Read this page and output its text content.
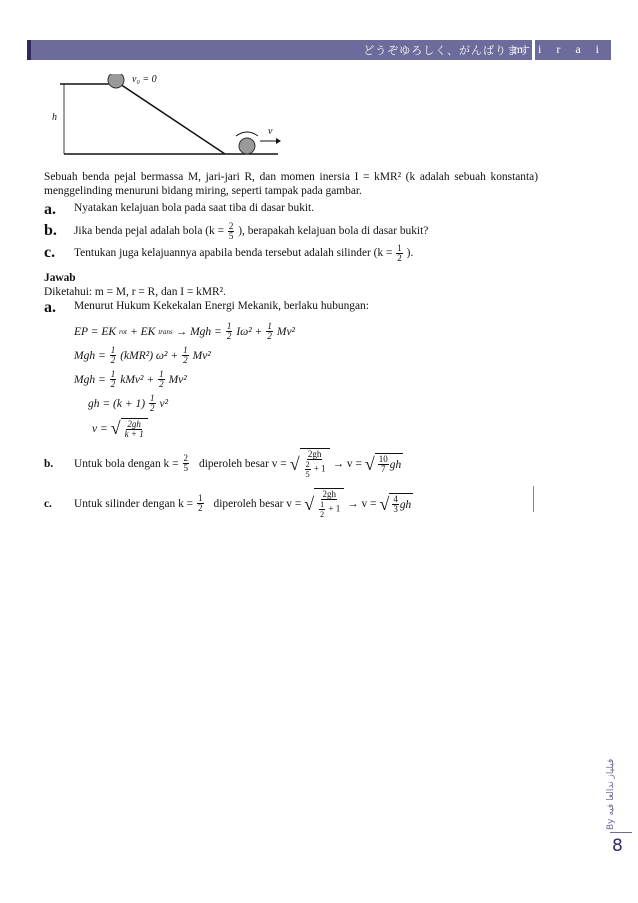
どうぞゆろしく、がんばります
m i r a i
v₀ = 0
h
v

Sebuah benda pejal bermassa M, jari-jari R, dan momen inersia I = kMR² (k adalah sebuah konstanta) menggelinding menuruni bidang miring, seperti tampak pada gambar.

a.	Nyatakan kelajuan bola pada saat tiba di dasar bukit.
b.	Jika benda pejal adalah bola ($k = \frac{2}{5}$ ), berapakah kelajuan bola di dasar bukit?
c.	Tentukan juga kelajuannya apabila benda tersebut adalah silinder ($k = \frac{1}{2}$ ).

Jawab

Diketahui: m = M, r = R, dan I = kMR².

a.	Menurut Hukum Kekekalan Energi Mekanik, berlaku hubungan:
EP = EK rot + EK trans → Mgh = $\frac{1}{2} I\omega^2 + \frac{1}{2} Mv^2$
Mgh = $\frac{1}{2} (kMR^2) \omega^2 + \frac{1}{2} Mv^2$
Mgh = $\frac{1}{2} kMv^2 + \frac{1}{2} Mv^2$
gh = $(k + 1) \frac{1}{2} v^2$
v = √ $\frac{2gh}{k + 1}$
b.	Untuk bola dengan $k = \frac{2}{5}$ diperoleh besar v = √ $\frac{2gh}{\frac{2}{5} + 1} \to v$ = √ $\frac{10}{7}$ gh
c.	Untuk silinder dengan $k = \frac{1}{2}$ diperoleh besar v = √ $\frac{2gh}{\frac{1}{2} + 1} \to v$ = √ $\frac{4}{3}$ gh
By فيلياز ندالعا فيه
8
